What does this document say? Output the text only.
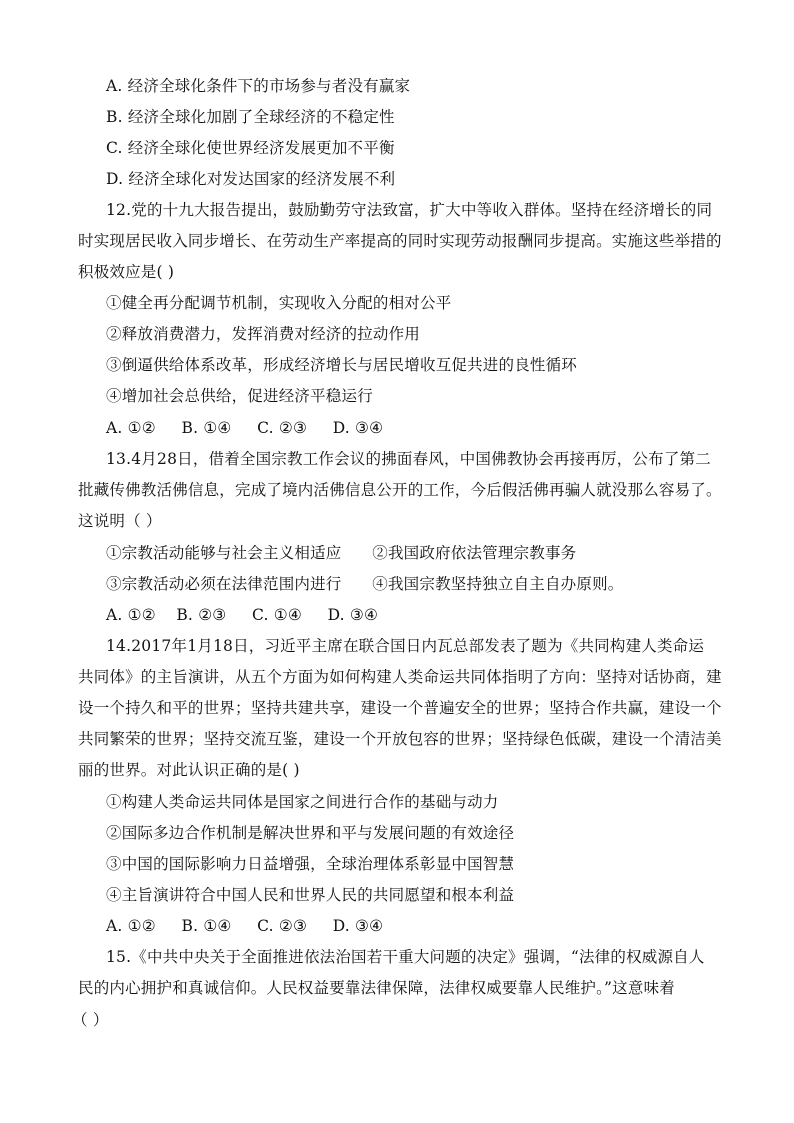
A. 经济全球化条件下的市场参与者没有赢家
B. 经济全球化加剧了全球经济的不稳定性
C. 经济全球化使世界经济发展更加不平衡
D. 经济全球化对发达国家的经济发展不利
12.党的十九大报告提出，鼓励勤劳守法致富，扩大中等收入群体。坚持在经济增长的同
时实现居民收入同步增长、在劳动生产率提高的同时实现劳动报酬同步提高。实施这些举措的
积极效应是( )
①健全再分配调节机制，实现收入分配的相对公平
②释放消费潜力，发挥消费对经济的拉动作用
③倒逼供给体系改革，形成经济增长与居民增收互促共进的良性循环
④增加社会总供给，促进经济平稳运行
A. ①②     B. ①④     C. ②③     D. ③④
13.4月28日，借着全国宗教工作会议的拂面春风，中国佛教协会再接再厉，公布了第二
批藏传佛教活佛信息，完成了境内活佛信息公开的工作，今后假活佛再骗人就没那么容易了。
这说明（ ）
①宗教活动能够与社会主义相适应      ②我国政府依法管理宗教事务
③宗教活动必须在法律范围内进行      ④我国宗教坚持独立自主自办原则。
A. ①②    B. ②③     C. ①④     D. ③④
14.2017年1月18日，习近平主席在联合国日内瓦总部发表了题为《共同构建人类命运
共同体》的主旨演讲，从五个方面为如何构建人类命运共同体指明了方向：坚持对话协商，建
设一个持久和平的世界；坚持共建共享，建设一个普遍安全的世界；坚持合作共赢，建设一个
共同繁荣的世界；坚持交流互鉴，建设一个开放包容的世界；坚持绿色低碳，建设一个清洁美
丽的世界。对此认识正确的是( )
①构建人类命运共同体是国家之间进行合作的基础与动力
②国际多边合作机制是解决世界和平与发展问题的有效途径
③中国的国际影响力日益增强，全球治理体系彰显中国智慧
④主旨演讲符合中国人民和世界人民的共同愿望和根本利益
A. ①②     B. ①④     C. ②③     D. ③④
15.《中共中央关于全面推进依法治国若干重大问题的决定》强调，“法律的权威源自人
民的内心拥护和真诚信仰。人民权益要靠法律保障，法律权威要靠人民维护。”这意味着
（ ）
